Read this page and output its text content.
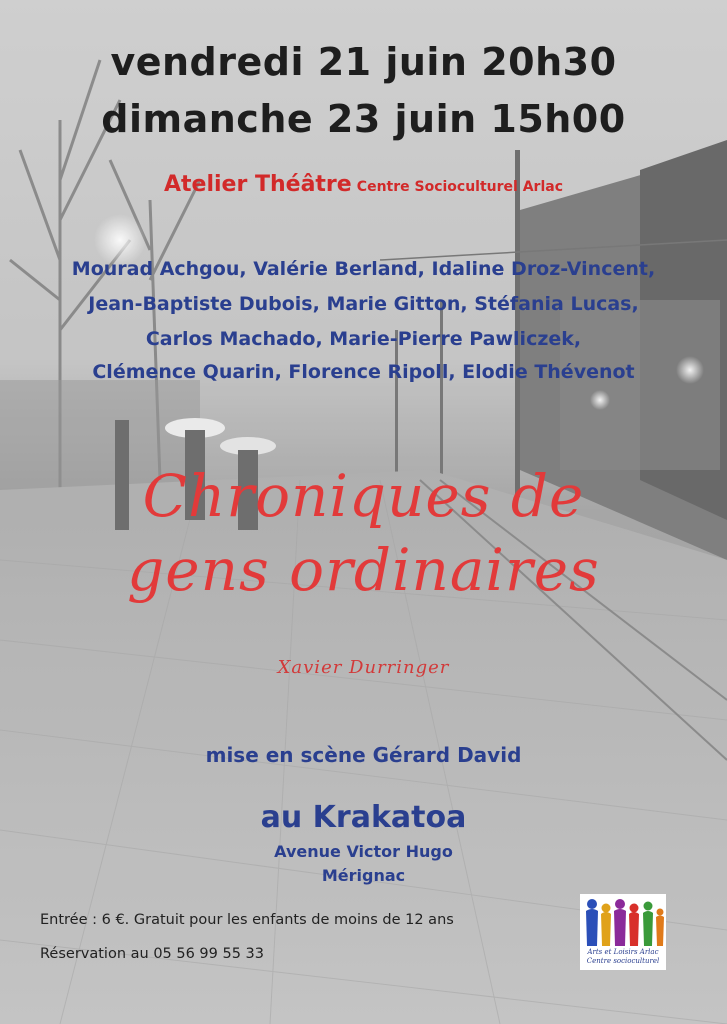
vendredi 21 juin 20h30
dimanche 23 juin 15h00
Atelier Théâtre Centre Socioculturel Arlac
Mourad Achgou, Valérie Berland, Idaline Droz-Vincent,
Jean-Baptiste Dubois, Marie Gitton, Stéfania Lucas,
Carlos Machado, Marie-Pierre Pawliczek,
Clémence Quarin, Florence Ripoll, Elodie Thévenot
Chroniques de
gens ordinaires
Xavier Durringer
mise en scène Gérard David
au Krakatoa
Avenue Victor Hugo
Mérignac
Entrée : 6 €. Gratuit pour les enfants de moins de 12 ans
Réservation au 05 56 99 55 33	Arts et Loisirs Arlac
Centre socioculturel
